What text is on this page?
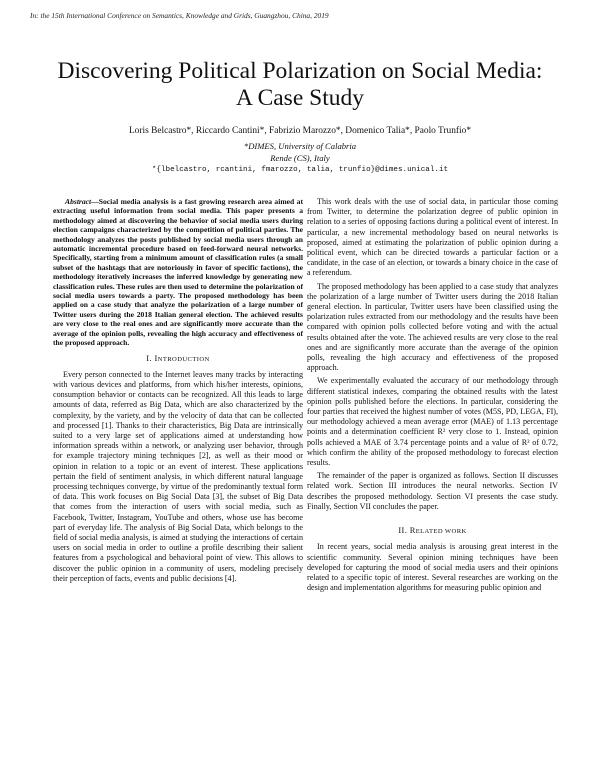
In: the 15th International Conference on Semantics, Knowledge and Grids, Guangzhou, China, 2019
Discovering Political Polarization on Social Media:
A Case Study
Loris Belcastro*, Riccardo Cantini*, Fabrizio Marozzo*, Domenico Talia*, Paolo Trunfio*
*DIMES, University of Calabria
Rende (CS), Italy
*{lbelcastro, rcantini, fmarozzo, talia, trunfio}@dimes.unical.it

Abstract—Social media analysis is a fast growing research area aimed at extracting useful information from social media. This paper presents a methodology aimed at discovering the behavior of social media users during election campaigns characterized by the competition of political parties. The methodology analyzes the posts published by social media users through an automatic incremental procedure based on feed-forward neural networks. Specifically, starting from a minimum amount of classification rules (a small subset of the hashtags that are notoriously in favor of specific factions), the methodology iteratively increases the inferred knowledge by generating new classification rules. These rules are then used to determine the polarization of social media users towards a party. The proposed methodology has been applied on a case study that analyze the polarization of a large number of Twitter users during the 2018 Italian general election. The achieved results are very close to the real ones and are significantly more accurate than the average of the opinion polls, revealing the high accuracy and effectiveness of the proposed approach.

I. INTRODUCTION

Every person connected to the Internet leaves many tracks by interacting with various devices and platforms, from which his/her interests, opinions, consumption behavior or contacts can be recognized. All this leads to large amounts of data, referred as Big Data, which are also characterized by the complexity, by the variety, and by the velocity of data that can be collected and processed [1]. Thanks to their characteristics, Big Data are intrinsically suited to a very large set of applications aimed at understanding how information spreads within a network, or analyzing user behavior, through for example trajectory mining techniques [2], as well as their mood or opinion in relation to a topic or an event of interest. These applications pertain the field of sentiment analysis, in which different natural language processing techniques converge, by virtue of the predominantly textual form of data. This work focuses on Big Social Data [3], the subset of Big Data that comes from the interaction of users with social media, such as Facebook, Twitter, Instagram, YouTube and others, whose use has become part of everyday life. The analysis of Big Social Data, which belongs to the field of social media analysis, is aimed at studying the interactions of certain users on social media in order to outline a profile describing their salient features from a psychological and behavioral point of view. This allows to discover the public opinion in a community of users, modeling precisely their perception of facts, events and public decisions [4].

This work deals with the use of social data, in particular those coming from Twitter, to determine the polarization degree of public opinion in relation to a series of opposing factions during a political event of interest. In particular, a new incremental methodology based on neural networks is proposed, aimed at estimating the polarization of public opinion during a political event, which can be directed towards a particular faction or a candidate, in the case of an election, or towards a binary choice in the case of a referendum.

The proposed methodology has been applied to a case study that analyzes the polarization of a large number of Twitter users during the 2018 Italian general election. In particular, Twitter users have been classified using the polarization rules extracted from our methodology and the results have been compared with opinion polls collected before voting and with the actual results obtained after the vote. The achieved results are very close to the real ones and are significantly more accurate than the average of the opinion polls, revealing the high accuracy and effectiveness of the proposed approach.

We experimentally evaluated the accuracy of our methodology through different statistical indexes, comparing the obtained results with the latest opinion polls published before the elections. In particular, considering the four parties that received the highest number of votes (M5S, PD, LEGA, FI), our methodology achieved a mean average error (MAE) of 1.13 percentage points and a determination coefficient R² very close to 1. Instead, opinion polls achieved a MAE of 3.74 percentage points and a value of R² of 0.72, which confirm the ability of the proposed methodology to forecast election results.

The remainder of the paper is organized as follows. Section II discusses related work. Section III introduces the neural networks. Section IV describes the proposed methodology. Section VI presents the case study. Finally, Section VII concludes the paper.

II. RELATED WORK

In recent years, social media analysis is arousing great interest in the scientific community. Several opinion mining techniques have been developed for capturing the mood of social media users and their opinions related to a specific topic of interest. Several researches are working on the design and implementation algorithms for measuring public opinion and
